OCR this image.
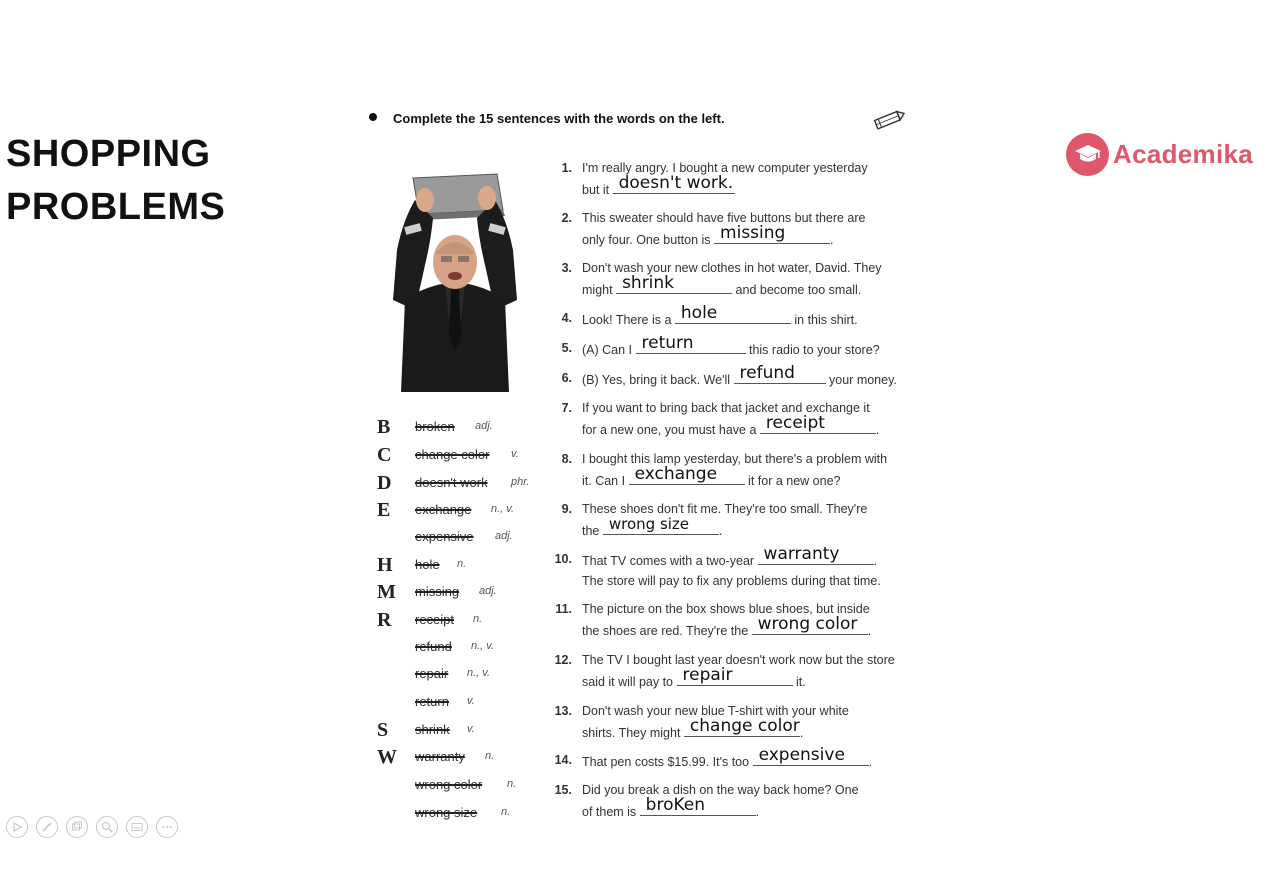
SHOPPING
PROBLEMS
Academika
Complete the 15 sentences with the words on the left.
B broken adj.
C change color v.
D doesn't work phr.
E exchange n., v.
expensive adj.
H hole n.
M missing adj.
R receipt n.
refund n., v.
repair n., v.
return v.
S shrink v.
W warranty n.
wrong color n.
wrong size n.
1. I'm really angry. I bought a new computer yesterday
but it doesn't work.
2. This sweater should have five buttons but there are
only four. One button is missing	.
3. Don't wash your new clothes in hot water, David. They
might shrink	and become too small.
4. Look! There is a hole	in this shirt.
5. (A) Can I return	this radio to your store?
6. (B) Yes, bring it back. We'll refund	your money.
7. If you want to bring back that jacket and exchange it
for a new one, you must have a receipt	.
8. I bought this lamp yesterday, but there's a problem with
it. Can I exchange it for a new one?
9. These shoes don't fit me. They're too small. They're
the wrong size .
10. That TV comes with a two-year warranty	.
The store will pay to fix any problems during that time.
11. The picture on the box shows blue shoes, but inside
the shoes are red. They're the wrong color .
12. The TV I bought last year doesn't work now but the store
said it will pay to repair	it.
13. Don't wash your new blue T-shirt with your white
shirts. They might change color .
14. That pen costs $15.99. It's too expensive .
15. Did you break a dish on the way back home? One
of them is broKen	.
